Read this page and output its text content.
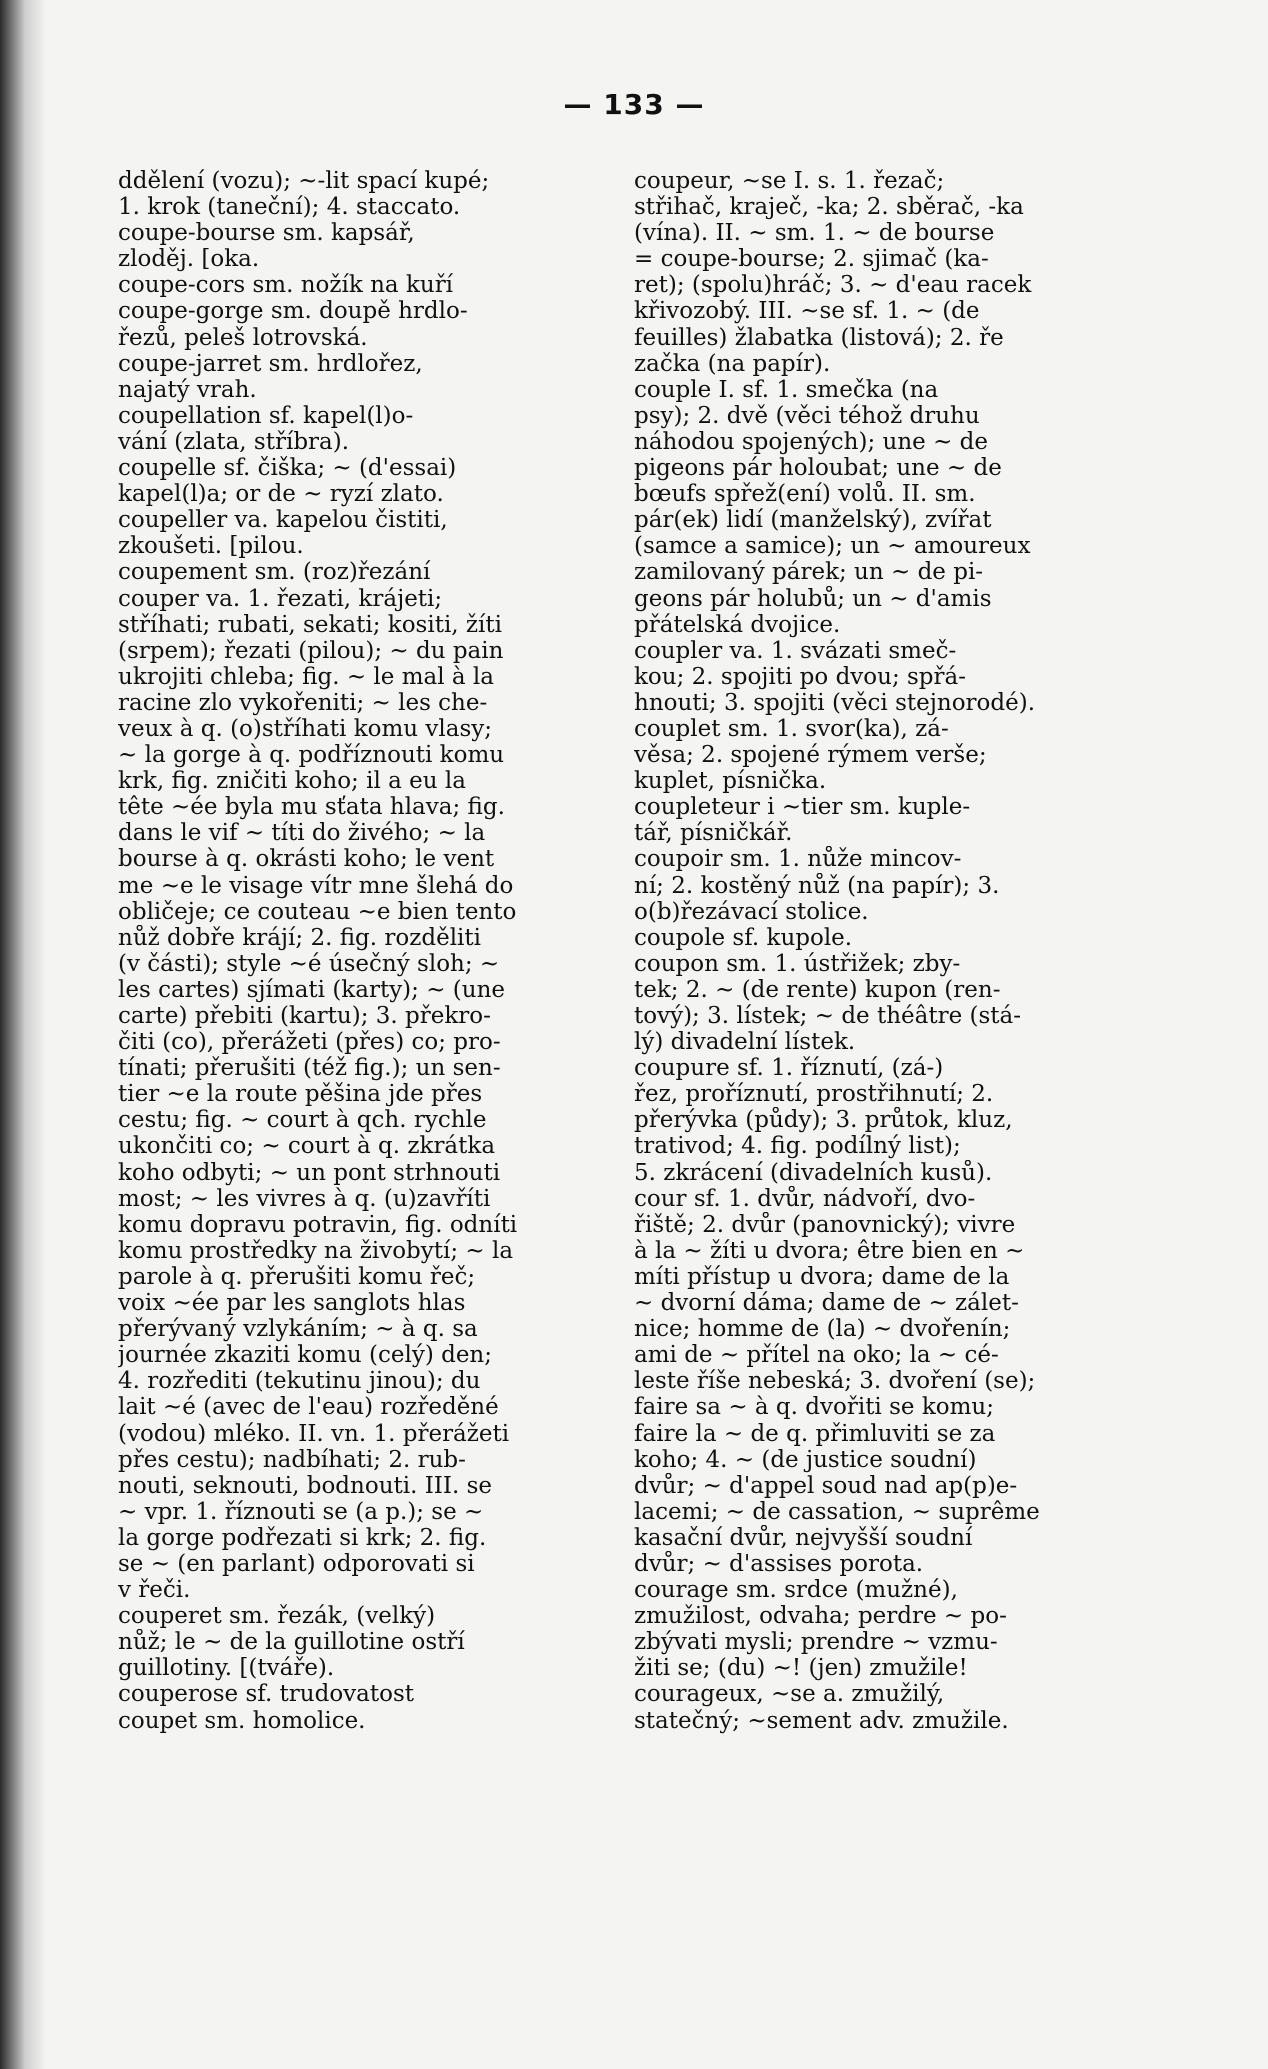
— 133 —
ddělení (vozu); ~-lit spací kupé;
1. krok (taneční); 4. staccato.
coupe-bourse sm. kapsář,
zloděj. [oka.
coupe-cors sm. nožík na kuří
coupe-gorge sm. doupě hrdlo-
řezů, peleš lotrovská.
coupe-jarret sm. hrdlořez,
najatý vrah.
coupellation sf. kapel(l)o-
vání (zlata, stříbra).
coupelle sf. čiška; ~ (d'essai)
kapel(l)a; or de ~ ryzí zlato.
coupeller va. kapelou čistiti,
zkoušeti. [pilou.
coupement sm. (roz)řezání
couper va. 1. řezati, krájeti;
stříhati; rubati, sekati; kositi, žíti
(srpem); řezati (pilou); ~ du pain
ukrojiti chleba; fig. ~ le mal à la
racine zlo vykořeniti; ~ les che-
veux à q. (o)stříhati komu vlasy;
~ la gorge à q. podříznouti komu
krk, fig. zničiti koho; il a eu la
tête ~ée byla mu sťata hlava; fig.
dans le vif ~ títi do živého; ~ la
bourse à q. okrásti koho; le vent
me ~e le visage vítr mne šlehá do
obličeje; ce couteau ~e bien tento
nůž dobře krájí; 2. fig. rozděliti
(v části); style ~é úsečný sloh; ~
les cartes) sjímati (karty); ~ (une
carte) přebiti (kartu); 3. překro-
čiti (co), přerážeti (přes) co; pro-
tínati; přerušiti (též fig.); un sen-
tier ~e la route pěšina jde přes
cestu; fig. ~ court à qch. rychle
ukončiti co; ~ court à q. zkrátka
koho odbyti; ~ un pont strhnouti
most; ~ les vivres à q. (u)zavříti
komu dopravu potravin, fig. odníti
komu prostředky na živobytí; ~ la
parole à q. přerušiti komu řeč;
voix ~ée par les sanglots hlas
přerývaný vzlykáním; ~ à q. sa
journée zkaziti komu (celý) den;
4. rozřediti (tekutinu jinou); du
lait ~é (avec de l'eau) rozředěné
(vodou) mléko. II. vn. 1. přerážeti
přes cestu); nadbíhati; 2. rub-
nouti, seknouti, bodnouti. III. se
~ vpr. 1. říznouti se (a p.); se ~
la gorge podřezati si krk; 2. fig.
se ~ (en parlant) odporovati si
v řeči.
couperet sm. řezák, (velký)
nůž; le ~ de la guillotine ostří
guillotiny. [(tváře).
couperose sf. trudovatost
coupet sm. homolice.
coupeur, ~se I. s. 1. řezač;
střihač, kraječ, -ka; 2. sběrač, -ka
(vína). II. ~ sm. 1. ~ de bourse
= coupe-bourse; 2. sjimač (ka-
ret); (spolu)hráč; 3. ~ d'eau racek
křivozobý. III. ~se sf. 1. ~ (de
feuilles) žlabatka (listová); 2. ře
začka (na papír).
couple I. sf. 1. smečka (na
psy); 2. dvě (věci téhož druhu
náhodou spojených); une ~ de
pigeons pár holoubat; une ~ de
bœufs spřež(ení) volů. II. sm.
pár(ek) lidí (manželský), zvířat
(samce a samice); un ~ amoureux
zamilovaný párek; un ~ de pi-
geons pár holubů; un ~ d'amis
přátelská dvojice.
coupler va. 1. svázati smeč-
kou; 2. spojiti po dvou; spřá-
hnouti; 3. spojiti (věci stejnorodé).
couplet sm. 1. svor(ka), zá-
věsa; 2. spojené rýmem verše;
kuplet, písnička.
coupleteur i ~tier sm. kuple-
tář, písničkář.
coupoir sm. 1. nůže mincov-
ní; 2. kostěný nůž (na papír); 3.
o(b)řezávací stolice.
coupole sf. kupole.
coupon sm. 1. ústřižek; zby-
tek; 2. ~ (de rente) kupon (ren-
tový); 3. lístek; ~ de théâtre (stá-
lý) divadelní lístek.
coupure sf. 1. říznutí, (zá-)
řez, proříznutí, prostřihnutí; 2.
přerývka (půdy); 3. průtok, kluz,
trativod; 4. fig. podílný list);
5. zkrácení (divadelních kusů).
cour sf. 1. dvůr, nádvoří, dvo-
řiště; 2. dvůr (panovnický); vivre
à la ~ žíti u dvora; être bien en ~
míti přístup u dvora; dame de la
~ dvorní dáma; dame de ~ zálet-
nice; homme de (la) ~ dvořenín;
ami de ~ přítel na oko; la ~ cé-
leste říše nebeská; 3. dvoření (se);
faire sa ~ à q. dvořiti se komu;
faire la ~ de q. přimluviti se za
koho; 4. ~ (de justice soudní)
dvůr; ~ d'appel soud nad ap(p)e-
lacemi; ~ de cassation, ~ suprême
kasační dvůr, nejvyšší soudní
dvůr; ~ d'assises porota.
courage sm. srdce (mužné),
zmužilost, odvaha; perdre ~ po-
zbývati mysli; prendre ~ vzmu-
žiti se; (du) ~! (jen) zmužile!
courageux, ~se a. zmužilý,
statečný; ~sement adv. zmužile.
